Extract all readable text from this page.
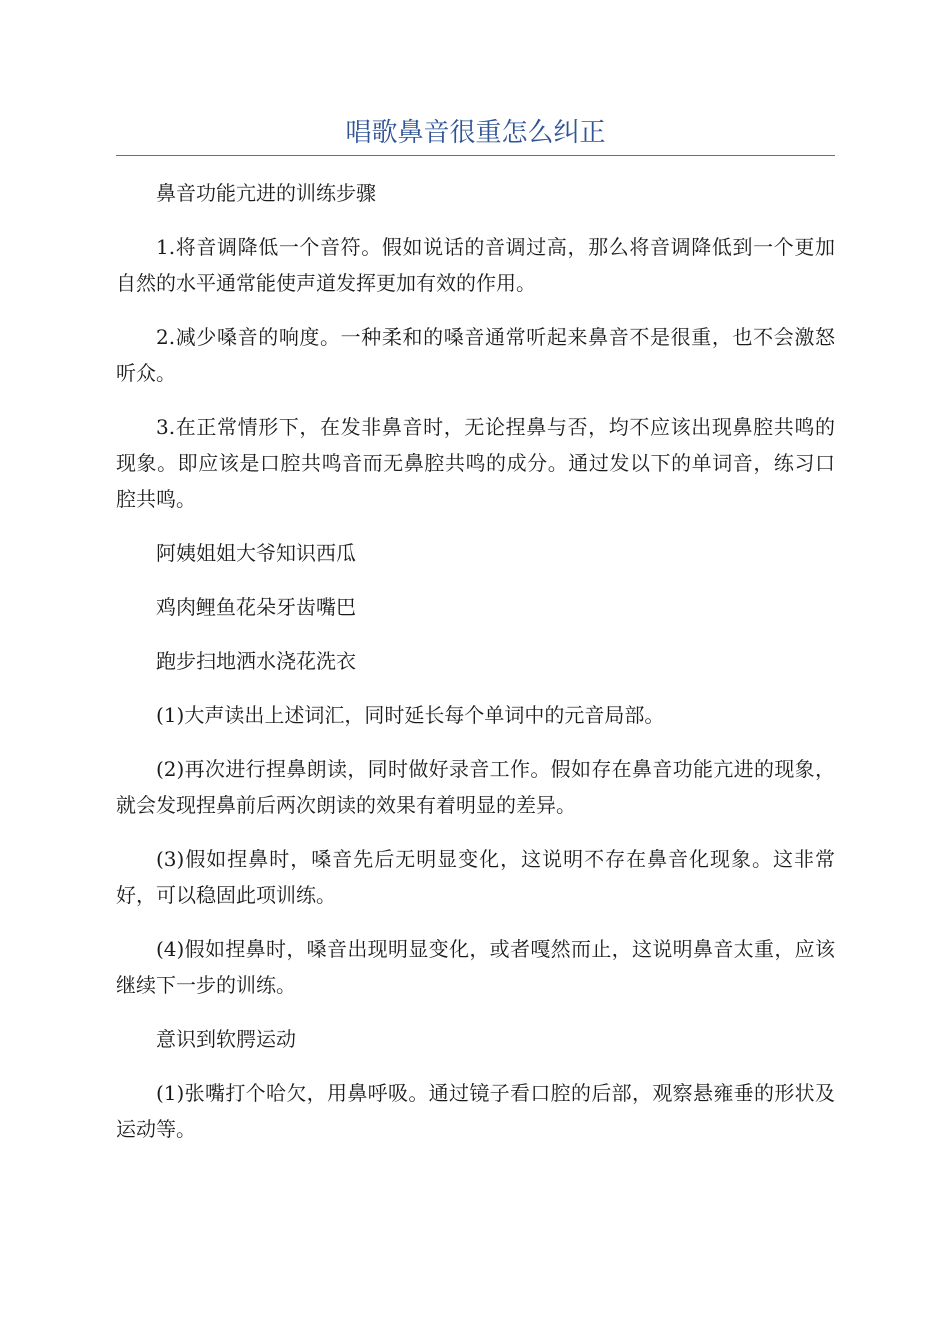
唱歌鼻音很重怎么纠正

鼻音功能亢进的训练步骤

1.将音调降低一个音符。假如说话的音调过高，那么将音调降低到一个更加自然的水平通常能使声道发挥更加有效的作用。

2.减少嗓音的响度。一种柔和的嗓音通常听起来鼻音不是很重，也不会激怒听众。

3.在正常情形下，在发非鼻音时，无论捏鼻与否，均不应该出现鼻腔共鸣的现象。即应该是口腔共鸣音而无鼻腔共鸣的成分。通过发以下的单词音，练习口腔共鸣。

阿姨姐姐大爷知识西瓜

鸡肉鲤鱼花朵牙齿嘴巴

跑步扫地洒水浇花洗衣

(1)大声读出上述词汇，同时延长每个单词中的元音局部。

(2)再次进行捏鼻朗读，同时做好录音工作。假如存在鼻音功能亢进的现象，就会发现捏鼻前后两次朗读的效果有着明显的差异。

(3)假如捏鼻时，嗓音先后无明显变化，这说明不存在鼻音化现象。这非常好，可以稳固此项训练。

(4)假如捏鼻时，嗓音出现明显变化，或者嘎然而止，这说明鼻音太重，应该继续下一步的训练。

意识到软腭运动

(1)张嘴打个哈欠，用鼻呼吸。通过镜子看口腔的后部，观察悬雍垂的形状及运动等。
